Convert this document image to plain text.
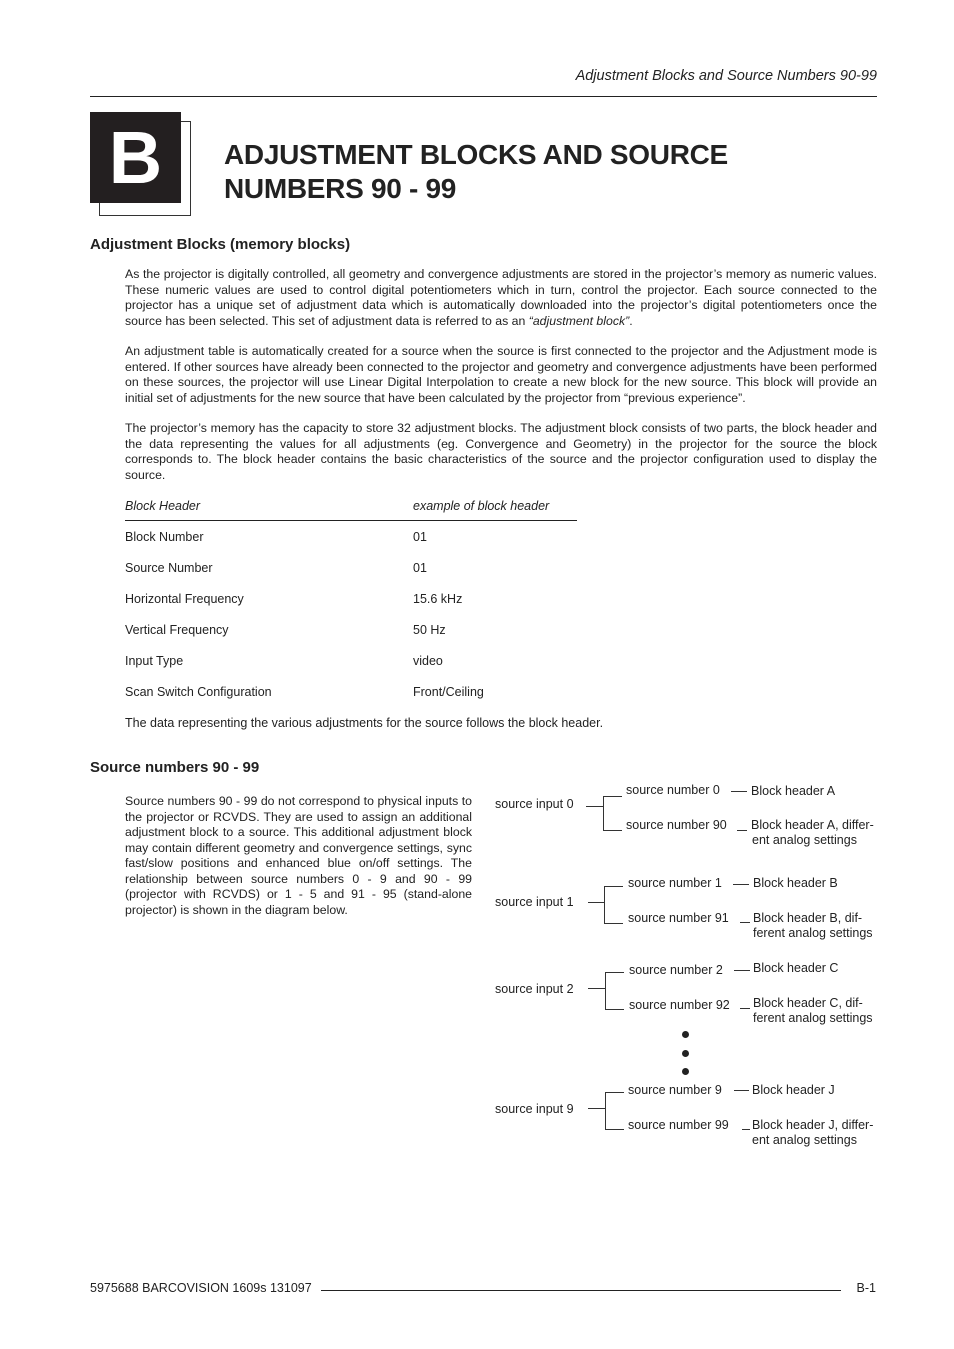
Adjustment Blocks and Source Numbers 90-99
B	ADJUSTMENT BLOCKS AND SOURCE
NUMBERS 90 - 99
Adjustment Blocks (memory blocks)
As the projector is digitally controlled, all geometry and convergence adjustments are stored in the projector’s memory as numeric values. These numeric values are used to control digital potentiometers which in turn, control the projector. Each source connected to the projector has a unique set of adjustment data which is automatically downloaded into the projector’s digital potentiometers once the source has been selected. This set of adjustment data is referred to as an “adjustment block”.
An adjustment table is automatically created for a source when the source is first connected to the projector and the Adjustment mode is entered. If other sources have already been connected to the projector and geometry and convergence adjustments have been performed on these sources, the projector will use Linear Digital Interpolation to create a new block for the new source. This block will provide an initial set of adjustments for the new source that have been calculated by the projector from “previous experience”.
The projector’s memory has the capacity to store 32 adjustment blocks. The adjustment block consists of two parts, the block header and the data representing the values for all adjustments (eg. Convergence and Geometry) in the projector for the source the block corresponds to. The block header contains the basic characteristics of the source and the projector configuration used to display the source.
Block Header	example of block header
Block Number	01
Source Number	01
Horizontal Frequency	15.6 kHz
Vertical Frequency	50 Hz
Input Type	video
Scan Switch Configuration	Front/Ceiling
The data representing the various adjustments for the source follows the block header.
Source numbers 90 - 99
Source numbers 90 - 99 do not correspond to physical inputs to the projector or RCVDS. They are used to assign an additional adjustment block to a source. This additional adjustment block may contain different geometry and convergence settings, sync fast/slow positions and enhanced blue on/off settings. The relationship between source numbers 0 - 9 and 90 - 99 (projector with RCVDS) or 1 - 5 and 91 - 95 (stand-alone projector) is shown in the diagram below.
source input 0
source number 0 Block header A
source number 90 Block header A, differ-
ent analog settings
source input 1
source number 1 Block header B
source number 91 Block header B, dif-
ferent analog settings
source input 2
source number 2 Block header C
source number 92 Block header C, dif-
ferent analog settings
source input 9
source number 9 Block header J
source number 99 Block header J, differ-
ent analog settings
5975688 BARCOVISION 1609s 131097	B-1
